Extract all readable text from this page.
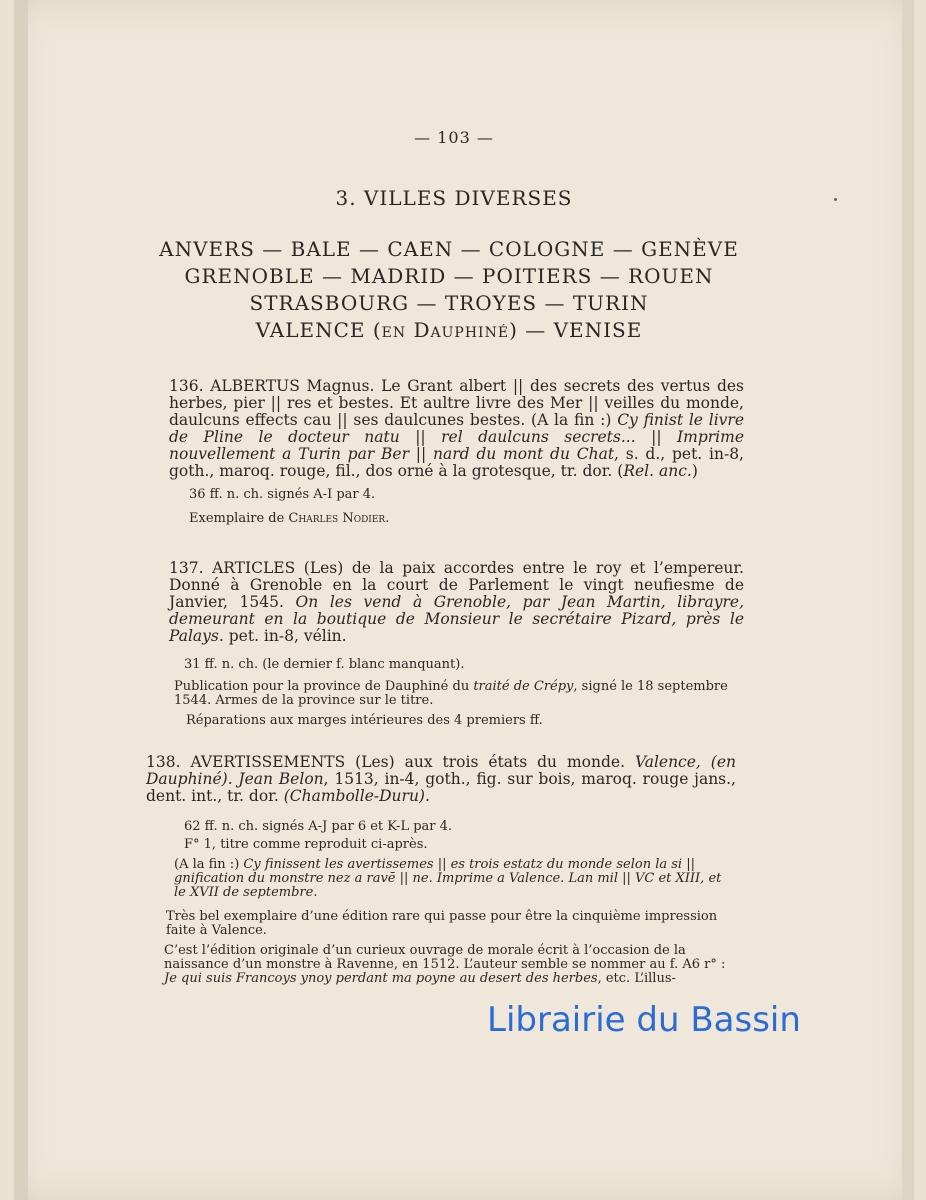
— 103 —
3. VILLES DIVERSES
ANVERS — BALE — CAEN — COLOGNE — GENÈVE
GRENOBLE — MADRID — POITIERS — ROUEN
STRASBOURG — TROYES — TURIN
VALENCE (en Dauphiné) — VENISE
136. ALBERTUS Magnus. Le Grant albert || des secrets des vertus des herbes, pier || res et bestes. Et aultre livre des Mer || veilles du monde, daulcuns effects cau || ses daulcunes bestes. (A la fin :) Cy finist le livre de Pline le docteur natu || rel daulcuns secrets... || Imprime nouvellement a Turin par Ber || nard du mont du Chat, s. d., pet. in-8, goth., maroq. rouge, fil., dos orné à la grotesque, tr. dor. (Rel. anc.)
36 ff. n. ch. signés A-I par 4.
Exemplaire de Charles Nodier.
137. ARTICLES (Les) de la paix accordes entre le roy et l’empereur. Donné à Grenoble en la court de Parlement le vingt neufiesme de Janvier, 1545. On les vend à Grenoble, par Jean Martin, librayre, demeurant en la boutique de Monsieur le secrétaire Pizard, près le Palays. pet. in-8, vélin.
31 ff. n. ch. (le dernier f. blanc manquant).
Publication pour la province de Dauphiné du traité de Crépy, signé le 18 septembre 1544. Armes de la province sur le titre.
Réparations aux marges intérieures des 4 premiers ff.
138. AVERTISSEMENTS (Les) aux trois états du monde. Valence, (en Dauphiné). Jean Belon, 1513, in-4, goth., fig. sur bois, maroq. rouge jans., dent. int., tr. dor. (Chambolle-Duru).
62 ff. n. ch. signés A-J par 6 et K-L par 4.
F° 1, titre comme reproduit ci-après.
(A la fin :) Cy finissent les avertissemes || es trois estatz du monde selon la si || gnification du monstre nez a ravē || ne. Imprime a Valence. Lan mil || VC et XIII, et le XVII de septembre.
Très bel exemplaire d’une édition rare qui passe pour être la cinquième impression faite à Valence.
C’est l’édition originale d’un curieux ouvrage de morale écrit à l’occasion de la naissance d’un monstre à Ravenne, en 1512. L’auteur semble se nommer au f. A6 r° : Je qui suis Francoys ynoy perdant ma poyne au desert des herbes, etc. L’illus-
Librairie du Bassin
